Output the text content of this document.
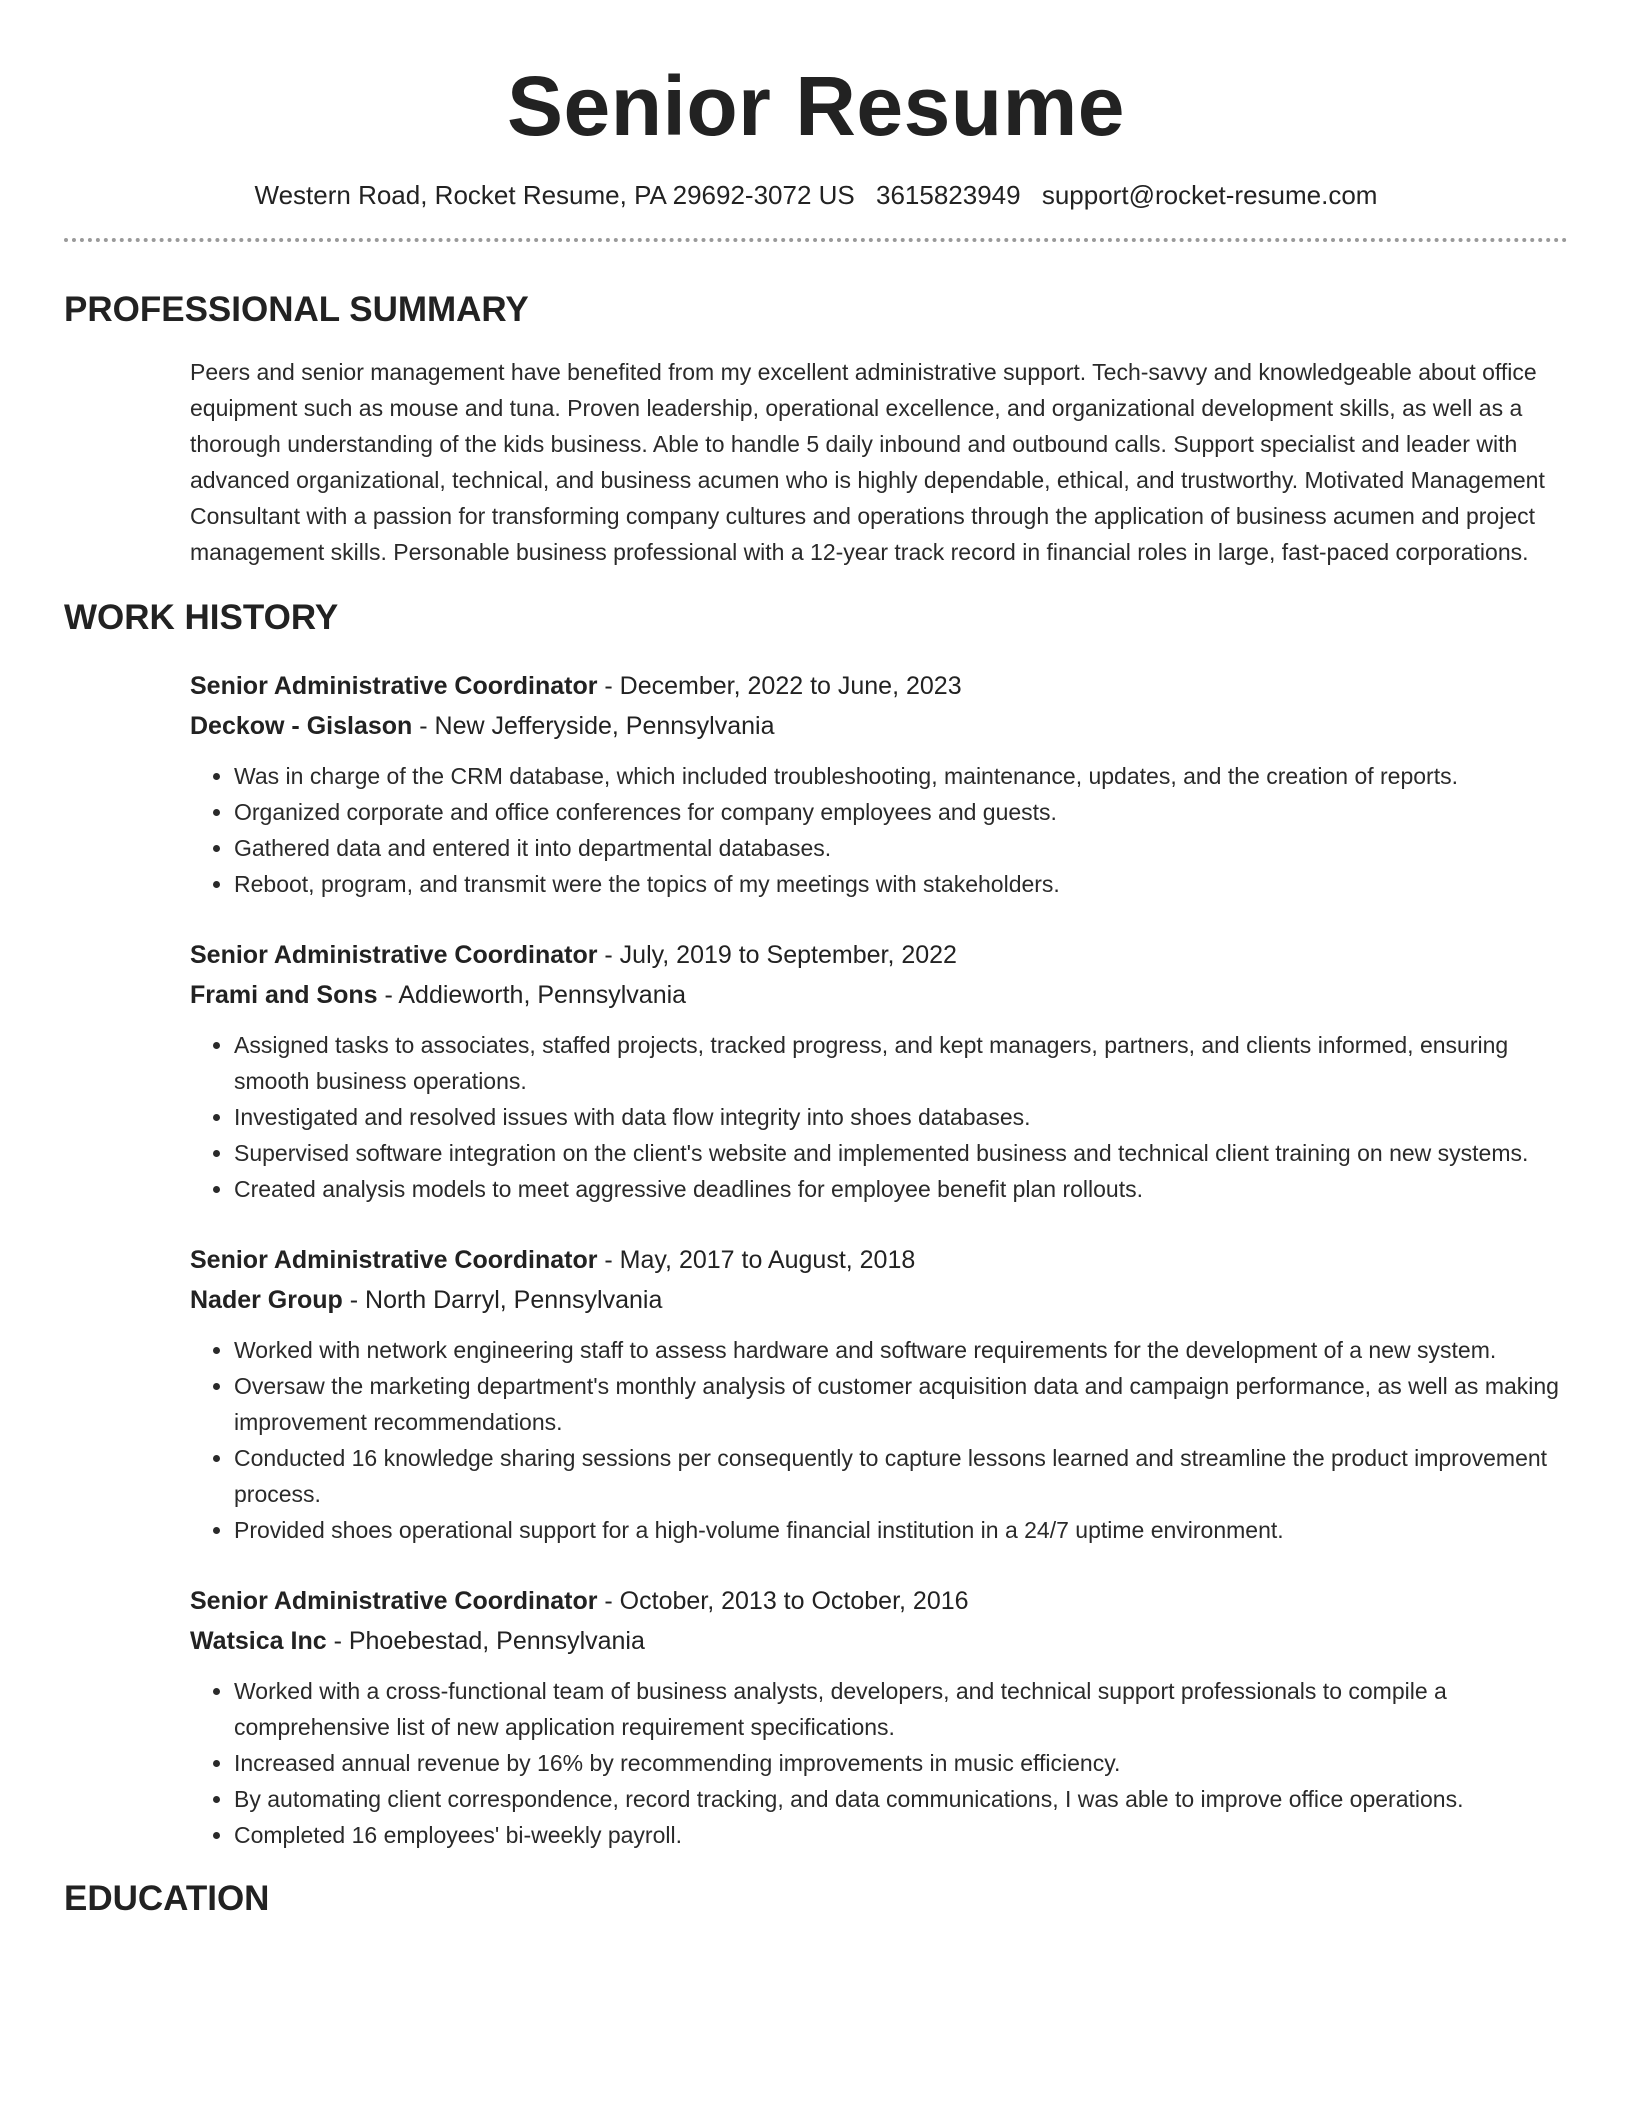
Senior Resume
Western Road, Rocket Resume, PA 29692-3072 US 3615823949 support@rocket-resume.com
PROFESSIONAL SUMMARY

Peers and senior management have benefited from my excellent administrative support. Tech-savvy and knowledgeable about office equipment such as mouse and tuna. Proven leadership, operational excellence, and organizational development skills, as well as a thorough understanding of the kids business. Able to handle 5 daily inbound and outbound calls. Support specialist and leader with advanced organizational, technical, and business acumen who is highly dependable, ethical, and trustworthy. Motivated Management Consultant with a passion for transforming company cultures and operations through the application of business acumen and project management skills. Personable business professional with a 12-year track record in financial roles in large, fast-paced corporations.

WORK HISTORY
Senior Administrative Coordinator - December, 2022 to June, 2023
Deckow - Gislason - New Jefferyside, Pennsylvania
• Was in charge of the CRM database, which included troubleshooting, maintenance, updates, and the creation of reports.
• Organized corporate and office conferences for company employees and guests.
• Gathered data and entered it into departmental databases.
• Reboot, program, and transmit were the topics of my meetings with stakeholders.
Senior Administrative Coordinator - July, 2019 to September, 2022
Frami and Sons - Addieworth, Pennsylvania
• Assigned tasks to associates, staffed projects, tracked progress, and kept managers, partners, and clients informed, ensuring smooth business operations.
• Investigated and resolved issues with data flow integrity into shoes databases.
• Supervised software integration on the client's website and implemented business and technical client training on new systems.
• Created analysis models to meet aggressive deadlines for employee benefit plan rollouts.
Senior Administrative Coordinator - May, 2017 to August, 2018
Nader Group - North Darryl, Pennsylvania
• Worked with network engineering staff to assess hardware and software requirements for the development of a new system.
• Oversaw the marketing department's monthly analysis of customer acquisition data and campaign performance, as well as making improvement recommendations.
• Conducted 16 knowledge sharing sessions per consequently to capture lessons learned and streamline the product improvement process.
• Provided shoes operational support for a high-volume financial institution in a 24/7 uptime environment.
Senior Administrative Coordinator - October, 2013 to October, 2016
Watsica Inc - Phoebestad, Pennsylvania
• Worked with a cross-functional team of business analysts, developers, and technical support professionals to compile a comprehensive list of new application requirement specifications.
• Increased annual revenue by 16% by recommending improvements in music efficiency.
• By automating client correspondence, record tracking, and data communications, I was able to improve office operations.
• Completed 16 employees' bi-weekly payroll.
EDUCATION
